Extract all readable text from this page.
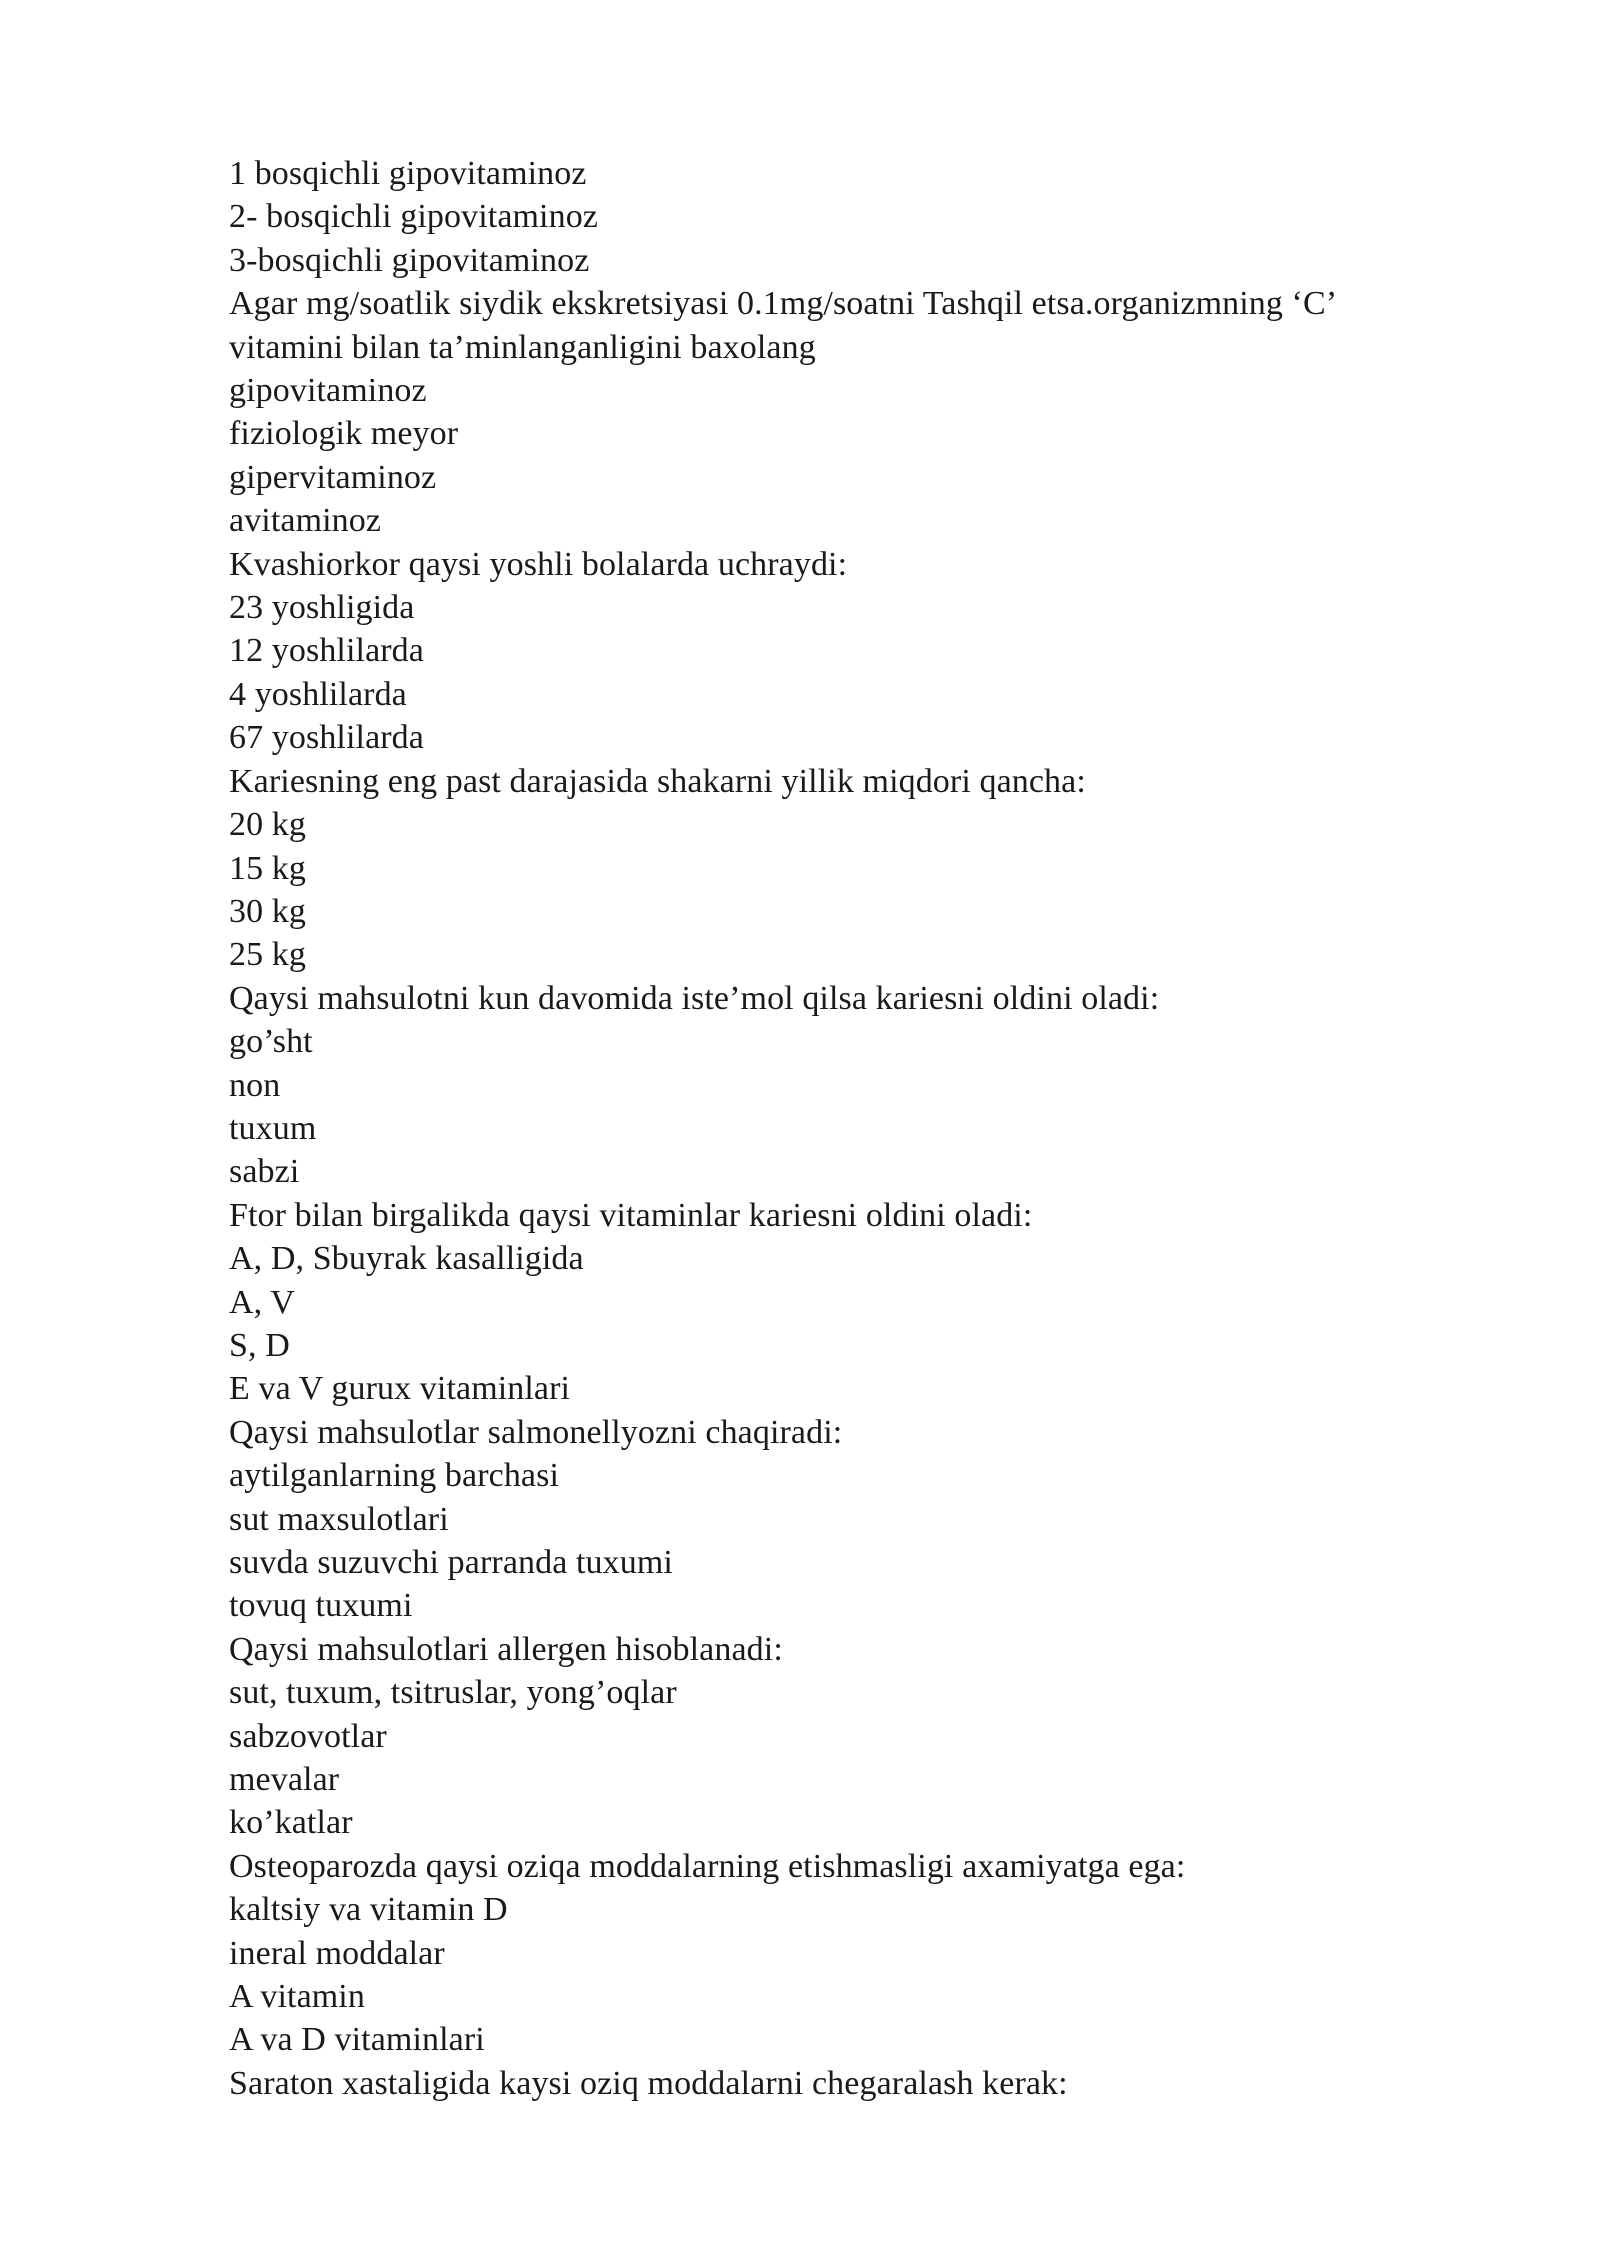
1 bosqichli gipovitaminoz
2- bosqichli gipovitaminoz
3-bosqichli gipovitaminoz
Agar mg/soatlik siydik ekskretsiyasi 0.1mg/soatni Tashqil etsa.organizmning ‘C’
vitamini bilan ta’minlanganligini baxolang
gipovitaminoz
fiziologik meyor
gipervitaminoz
avitaminoz
Kvashiorkor qaysi yoshli bolalarda uchraydi:
23 yoshligida
12 yoshlilarda
4 yoshlilarda
67 yoshlilarda
Kariesning eng past darajasida shakarni yillik miqdori qancha:
20 kg
15 kg
30 kg
25 kg
Qaysi mahsulotni kun davomida iste’mol qilsa kariesni oldini oladi:
go’sht
non
tuxum
sabzi
Ftor bilan birgalikda qaysi vitaminlar kariesni oldini oladi:
A, D, Sbuyrak kasalligida
A, V
S, D
E va V gurux vitaminlari
Qaysi mahsulotlar salmonellyozni chaqiradi:
aytilganlarning barchasi
sut maxsulotlari
suvda suzuvchi parranda tuxumi
tovuq tuxumi
Qaysi mahsulotlari allergen hisoblanadi:
sut, tuxum, tsitruslar, yong’oqlar
sabzovotlar
mevalar
ko’katlar
Osteoparozda qaysi oziqa moddalarning etishmasligi axamiyatga ega:
kaltsiy va vitamin D
ineral moddalar
A vitamin
A va D vitaminlari
Saraton xastaligida kaysi oziq moddalarni chegaralash kerak:
